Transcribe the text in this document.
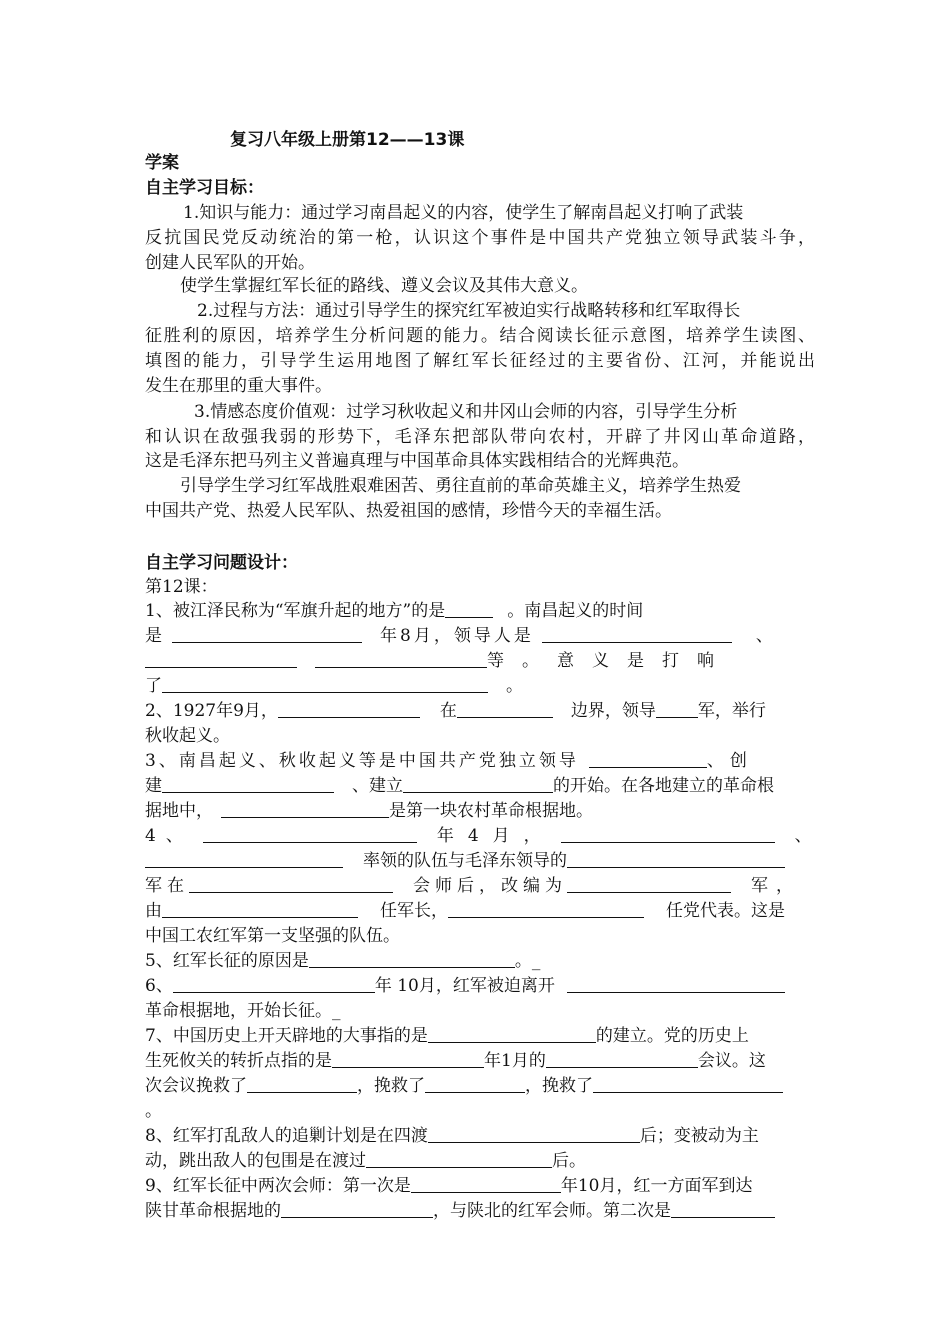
复习八年级上册第12——13课
学案
自主学习目标：
1.知识与能力：通过学习南昌起义的内容，使学生了解南昌起义打响了武装
反抗国民党反动统治的第一枪，认识这个事件是中国共产党独立领导武装斗争，
创建人民军队的开始。
使学生掌握红军长征的路线、遵义会议及其伟大意义。
2.过程与方法：通过引导学生的探究红军被迫实行战略转移和红军取得长
征胜利的原因，培养学生分析问题的能力。结合阅读长征示意图，培养学生读图、
填图的能力，引导学生运用地图了解红军长征经过的主要省份、江河，并能说出
发生在那里的重大事件。
3.情感态度价值观：过学习秋收起义和井冈山会师的内容，引导学生分析
和认识在敌强我弱的形势下，毛泽东把部队带向农村，开辟了井冈山革命道路，
这是毛泽东把马列主义普遍真理与中国革命具体实践相结合的光辉典范。
引导学生学习红军战胜艰难困苦、勇往直前的革命英雄主义，培养学生热爱
中国共产党、热爱人民军队、热爱祖国的感情，珍惜今天的幸福生活。
自主学习问题设计：
第12课：
1、被江泽民称为“军旗升起的地方”的是	。南昌起义的时间
是	年8月，领导人是	、
等。意义是打响
了	。
2、1927年9月，	在	边界，领导 军，举行
秋收起义。
3、南昌起义、秋收起义等是中国共产党独立领导	、创
建	、建立	的开始。在各地建立的革命根
据地中，	是第一块农村革命根据地。
4、	年4月，	、
率领的队伍与毛泽东领导的
军在	会师后，改编为	军，
由	任军长，	任党代表。这是
中国工农红军第一支坚强的队伍。
5、红军长征的原因是	。_
6、	年 10月，红军被迫离开
革命根据地，开始长征。_
7、中国历史上开天辟地的大事指的是	的建立。党的历史上
生死攸关的转折点指的是	年1月的	会议。这
次会议挽救了	，挽救了	，挽救了
。
8、红军打乱敌人的追剿计划是在四渡	后；变被动为主
动，跳出敌人的包围是在渡过	后。
9、红军长征中两次会师：第一次是	年10月，红一方面军到达
陕甘革命根据地的	，与陕北的红军会师。第二次是
